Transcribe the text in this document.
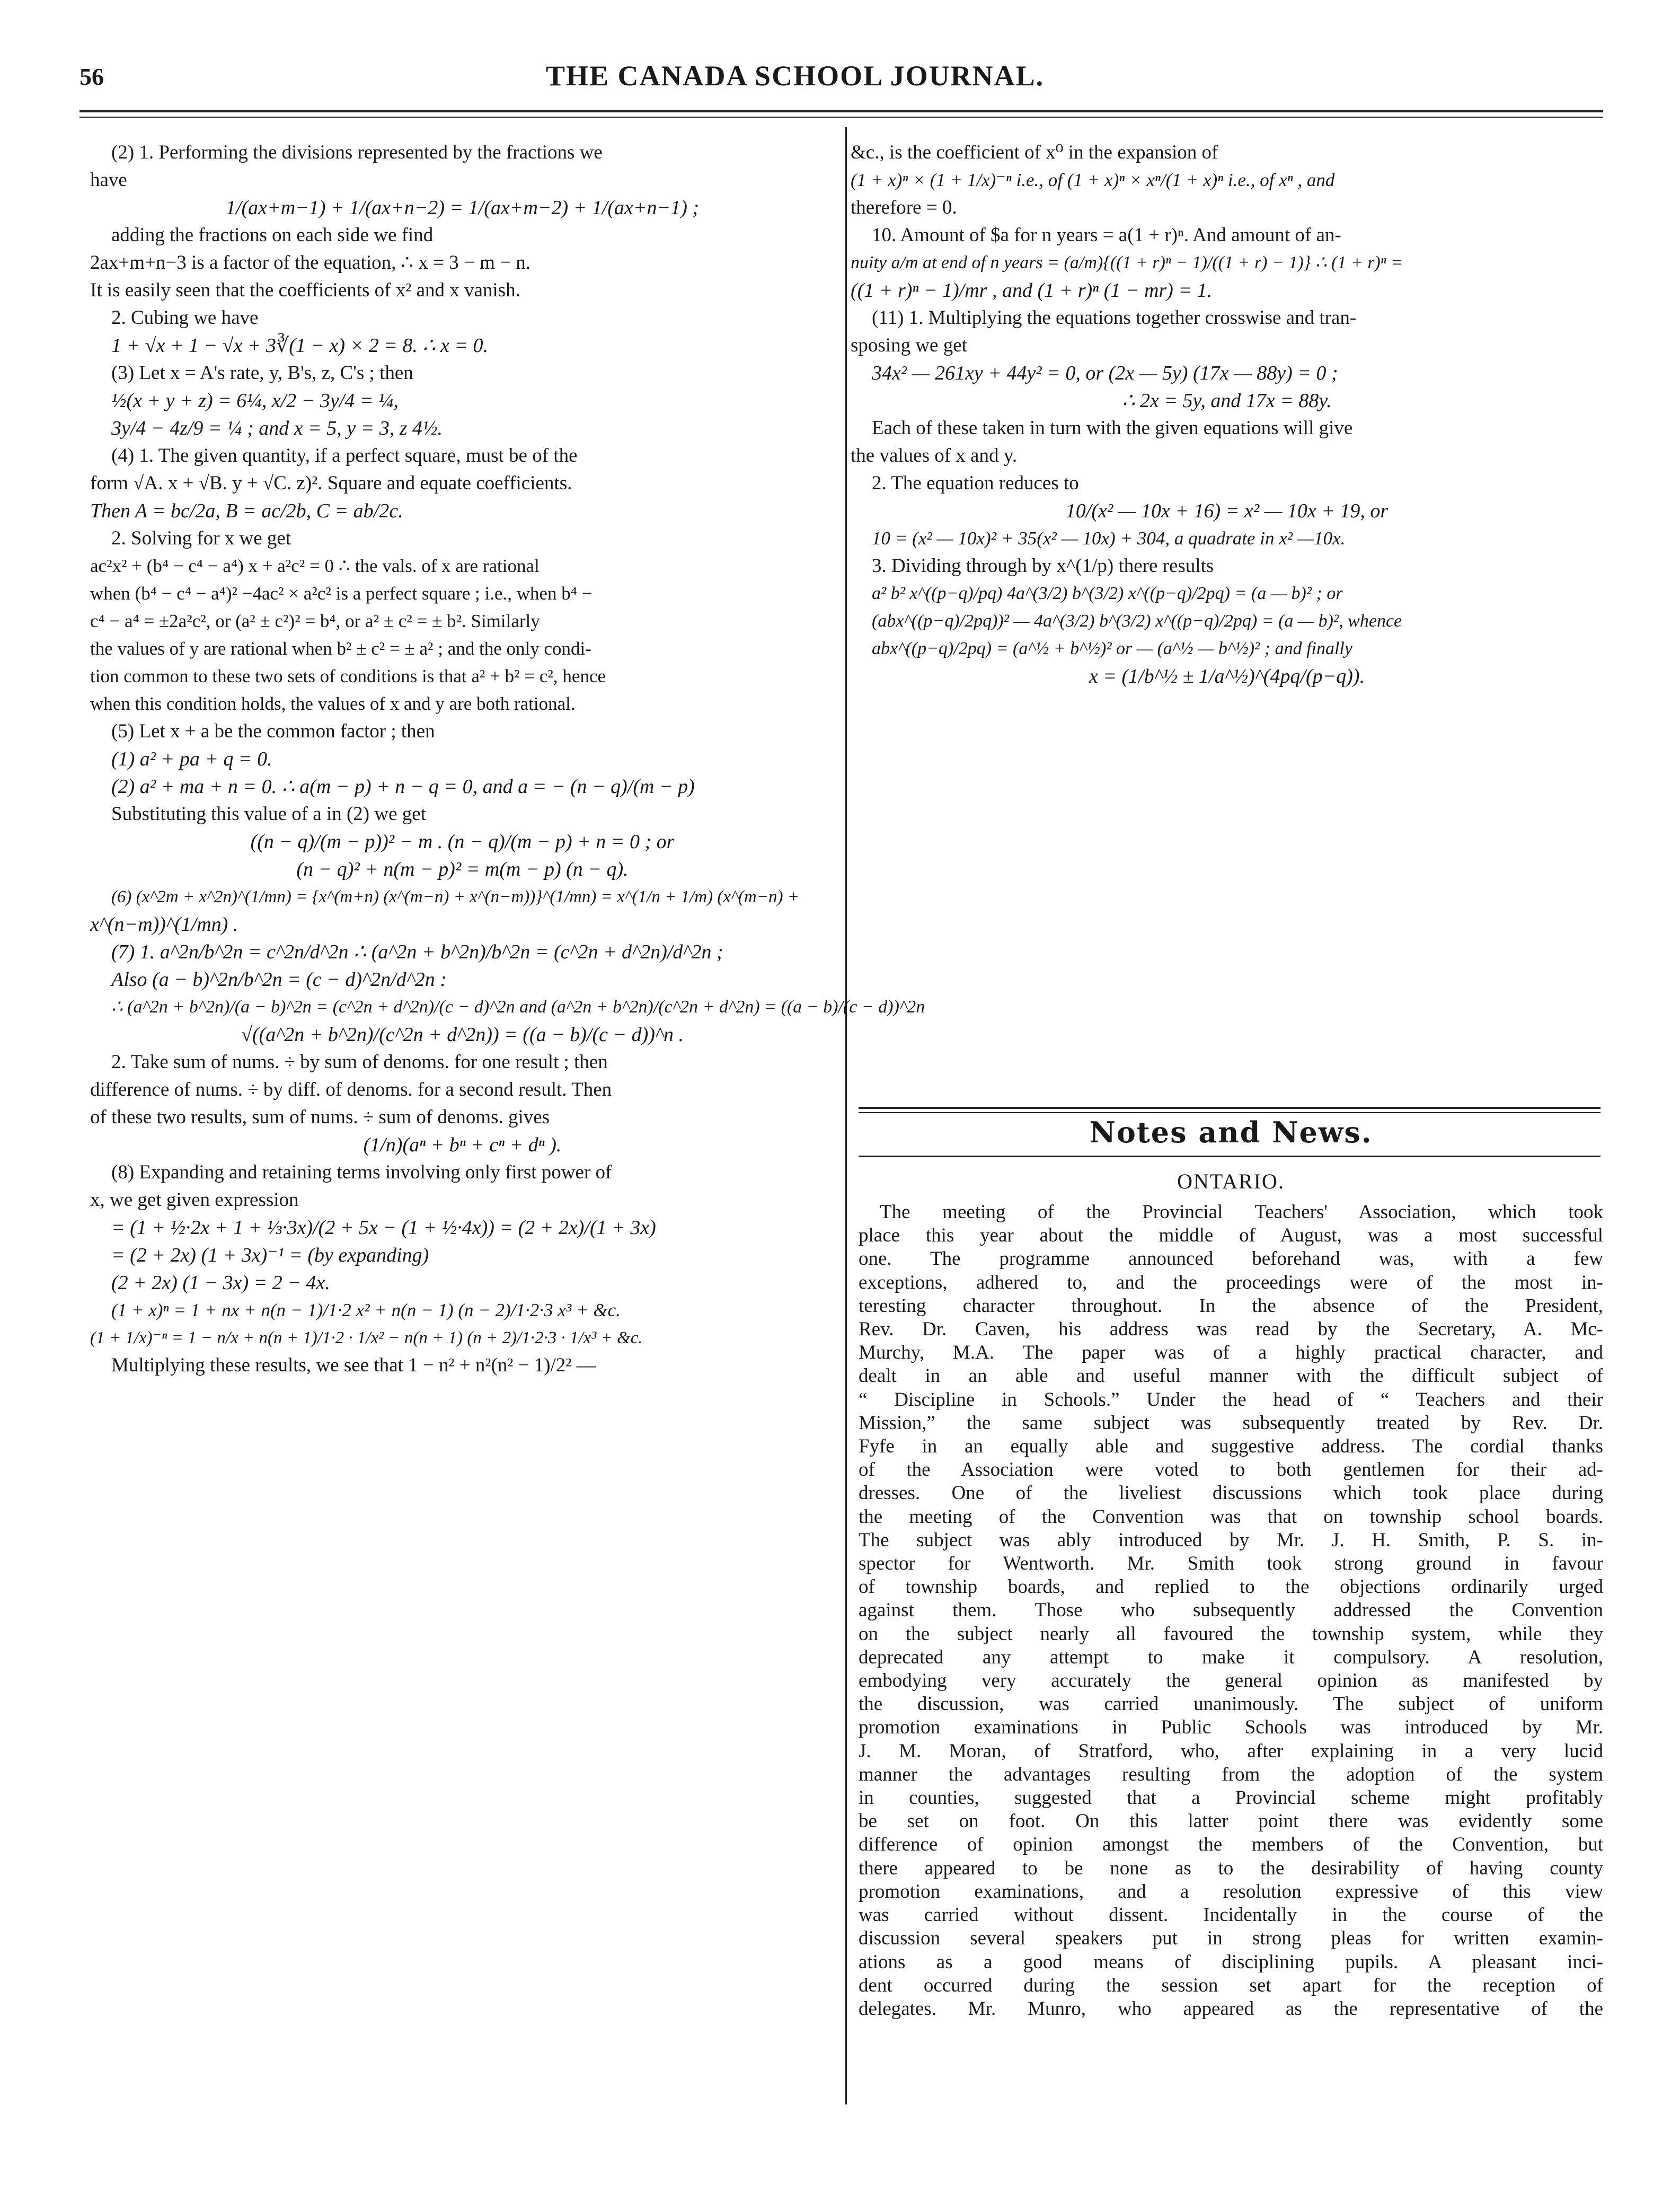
56	THE CANADA SCHOOL JOURNAL.

(2) 1. Performing the divisions represented by the fractions we

have

1/(ax+m−1) + 1/(ax+n−2) = 1/(ax+m−2) + 1/(ax+n−1) ;

adding the fractions on each side we find

2ax+m+n−3 is a factor of the equation, ∴ x = 3 − m − n.

It is easily seen that the coefficients of x² and x vanish.

2. Cubing we have

1 + √x + 1 − √x + 3∛(1 − x) × 2 = 8. ∴ x = 0.

(3) Let x = A's rate, y, B's, z, C's ; then

½(x + y + z) = 6¼, x/2 − 3y/4 = ¼,

3y/4 − 4z/9 = ¼ ; and x = 5, y = 3, z 4½.

(4) 1. The given quantity, if a perfect square, must be of the

form √A. x + √B. y + √C. z)². Square and equate coefficients.

Then A = bc/2a, B = ac/2b, C = ab/2c.

2. Solving for x we get

ac²x² + (b⁴ − c⁴ − a⁴) x + a²c² = 0 ∴ the vals. of x are rational

when (b⁴ − c⁴ − a⁴)² −4ac² × a²c² is a perfect square ; i.e., when b⁴ −

c⁴ − a⁴ = ±2a²c², or (a² ± c²)² = b⁴, or a² ± c² = ± b². Similarly

the values of y are rational when b² ± c² = ± a² ; and the only condi-

tion common to these two sets of conditions is that a² + b² = c², hence

when this condition holds, the values of x and y are both rational.

(5) Let x + a be the common factor ; then

(1) a² + pa + q = 0.

(2) a² + ma + n = 0. ∴ a(m − p) + n − q = 0, and a = − (n − q)/(m − p)

Substituting this value of a in (2) we get

((n − q)/(m − p))² − m . (n − q)/(m − p) + n = 0 ; or

(n − q)² + n(m − p)² = m(m − p) (n − q).

(6) (x^2m + x^2n)^(1/mn) = {x^(m+n) (x^(m−n) + x^(n−m))}^(1/mn) = x^(1/n + 1/m) (x^(m−n) +

x^(n−m))^(1/mn) .

(7) 1. a^2n/b^2n = c^2n/d^2n ∴ (a^2n + b^2n)/b^2n = (c^2n + d^2n)/d^2n ;

Also (a − b)^2n/b^2n = (c − d)^2n/d^2n :

∴ (a^2n + b^2n)/(a − b)^2n = (c^2n + d^2n)/(c − d)^2n and (a^2n + b^2n)/(c^2n + d^2n) = ((a − b)/(c − d))^2n

√((a^2n + b^2n)/(c^2n + d^2n)) = ((a − b)/(c − d))^n .

2. Take sum of nums. ÷ by sum of denoms. for one result ; then

difference of nums. ÷ by diff. of denoms. for a second result. Then

of these two results, sum of nums. ÷ sum of denoms. gives

(1/n)(aⁿ + bⁿ + cⁿ + dⁿ ).

(8) Expanding and retaining terms involving only first power of

x, we get given expression

= (1 + ½·2x + 1 + ⅓·3x)/(2 + 5x − (1 + ½·4x)) = (2 + 2x)/(1 + 3x)

= (2 + 2x) (1 + 3x)⁻¹ = (by expanding)

(2 + 2x) (1 − 3x) = 2 − 4x.

(1 + x)ⁿ = 1 + nx + n(n − 1)/1·2 x² + n(n − 1) (n − 2)/1·2·3 x³ + &c.

(1 + 1/x)⁻ⁿ = 1 − n/x + n(n + 1)/1·2 · 1/x² − n(n + 1) (n + 2)/1·2·3 · 1/x³ + &c.

Multiplying these results, we see that 1 − n² + n²(n² − 1)/2² —

&c., is the coefficient of x⁰ in the expansion of

(1 + x)ⁿ × (1 + 1/x)⁻ⁿ i.e., of (1 + x)ⁿ × xⁿ/(1 + x)ⁿ i.e., of xⁿ , and

therefore = 0.

10. Amount of $a for n years = a(1 + r)ⁿ. And amount of an-

nuity a/m at end of n years = (a/m){((1 + r)ⁿ − 1)/((1 + r) − 1)} ∴ (1 + r)ⁿ =

((1 + r)ⁿ − 1)/mr , and (1 + r)ⁿ (1 − mr) = 1.

(11) 1. Multiplying the equations together crosswise and tran-

sposing we get

34x² — 261xy + 44y² = 0, or (2x — 5y) (17x — 88y) = 0 ;

∴ 2x = 5y, and 17x = 88y.

Each of these taken in turn with the given equations will give

the values of x and y.

2. The equation reduces to

10/(x² — 10x + 16) = x² — 10x + 19, or

10 = (x² — 10x)² + 35(x² — 10x) + 304, a quadrate in x² —10x.

3. Dividing through by x^(1/p) there results

a² b² x^((p−q)/pq) 4a^(3/2) b^(3/2) x^((p−q)/2pq) = (a — b)² ; or

(abx^((p−q)/2pq))² — 4a^(3/2) b^(3/2) x^((p−q)/2pq) = (a — b)², whence

abx^((p−q)/2pq) = (a^½ + b^½)² or — (a^½ — b^½)² ; and finally

x = (1/b^½ ± 1/a^½)^(4pq/(p−q)).

Notes and News.
ONTARIO.

The meeting of the Provincial Teachers' Association, which took

place this year about the middle of August, was a most successful

one. The programme announced beforehand was, with a few

exceptions, adhered to, and the proceedings were of the most in-

teresting character throughout. In the absence of the President,

Rev. Dr. Caven, his address was read by the Secretary, A. Mc-

Murchy, M.A. The paper was of a highly practical character, and

dealt in an able and useful manner with the difficult subject of

“ Discipline in Schools.” Under the head of “ Teachers and their

Mission,” the same subject was subsequently treated by Rev. Dr.

Fyfe in an equally able and suggestive address. The cordial thanks

of the Association were voted to both gentlemen for their ad-

dresses. One of the liveliest discussions which took place during

the meeting of the Convention was that on township school boards.

The subject was ably introduced by Mr. J. H. Smith, P. S. in-

spector for Wentworth. Mr. Smith took strong ground in favour

of township boards, and replied to the objections ordinarily urged

against them. Those who subsequently addressed the Convention

on the subject nearly all favoured the township system, while they

deprecated any attempt to make it compulsory. A resolution,

embodying very accurately the general opinion as manifested by

the discussion, was carried unanimously. The subject of uniform

promotion examinations in Public Schools was introduced by Mr.

J. M. Moran, of Stratford, who, after explaining in a very lucid

manner the advantages resulting from the adoption of the system

in counties, suggested that a Provincial scheme might profitably

be set on foot. On this latter point there was evidently some

difference of opinion amongst the members of the Convention, but

there appeared to be none as to the desirability of having county

promotion examinations, and a resolution expressive of this view

was carried without dissent. Incidentally in the course of the

discussion several speakers put in strong pleas for written examin-

ations as a good means of disciplining pupils. A pleasant inci-

dent occurred during the session set apart for the reception of

delegates. Mr. Munro, who appeared as the representative of the
